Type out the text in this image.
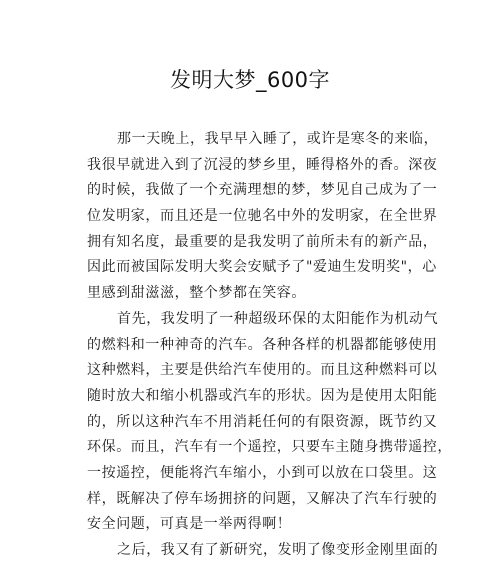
发明大梦_600字
那一天晚上，我早早入睡了，或许是寒冬的来临，
我很早就进入到了沉浸的梦乡里，睡得格外的香。深夜
的时候，我做了一个充满理想的梦，梦见自己成为了一
位发明家，而且还是一位驰名中外的发明家，在全世界
拥有知名度，最重要的是我发明了前所未有的新产品，
因此而被国际发明大奖会安赋予了"爱迪生发明奖"，心
里感到甜滋滋，整个梦都在笑容。
首先，我发明了一种超级环保的太阳能作为机动气
的燃料和一种神奇的汽车。各种各样的机器都能够使用
这种燃料，主要是供给汽车使用的。而且这种燃料可以
随时放大和缩小机器或汽车的形状。因为是使用太阳能
的，所以这种汽车不用消耗任何的有限资源，既节约又
环保。而且，汽车有一个遥控，只要车主随身携带遥控，
一按遥控，便能将汽车缩小，小到可以放在口袋里。这
样，既解决了停车场拥挤的问题，又解决了汽车行驶的
安全问题，可真是一举两得啊！
之后，我又有了新研究，发明了像变形金刚里面的
